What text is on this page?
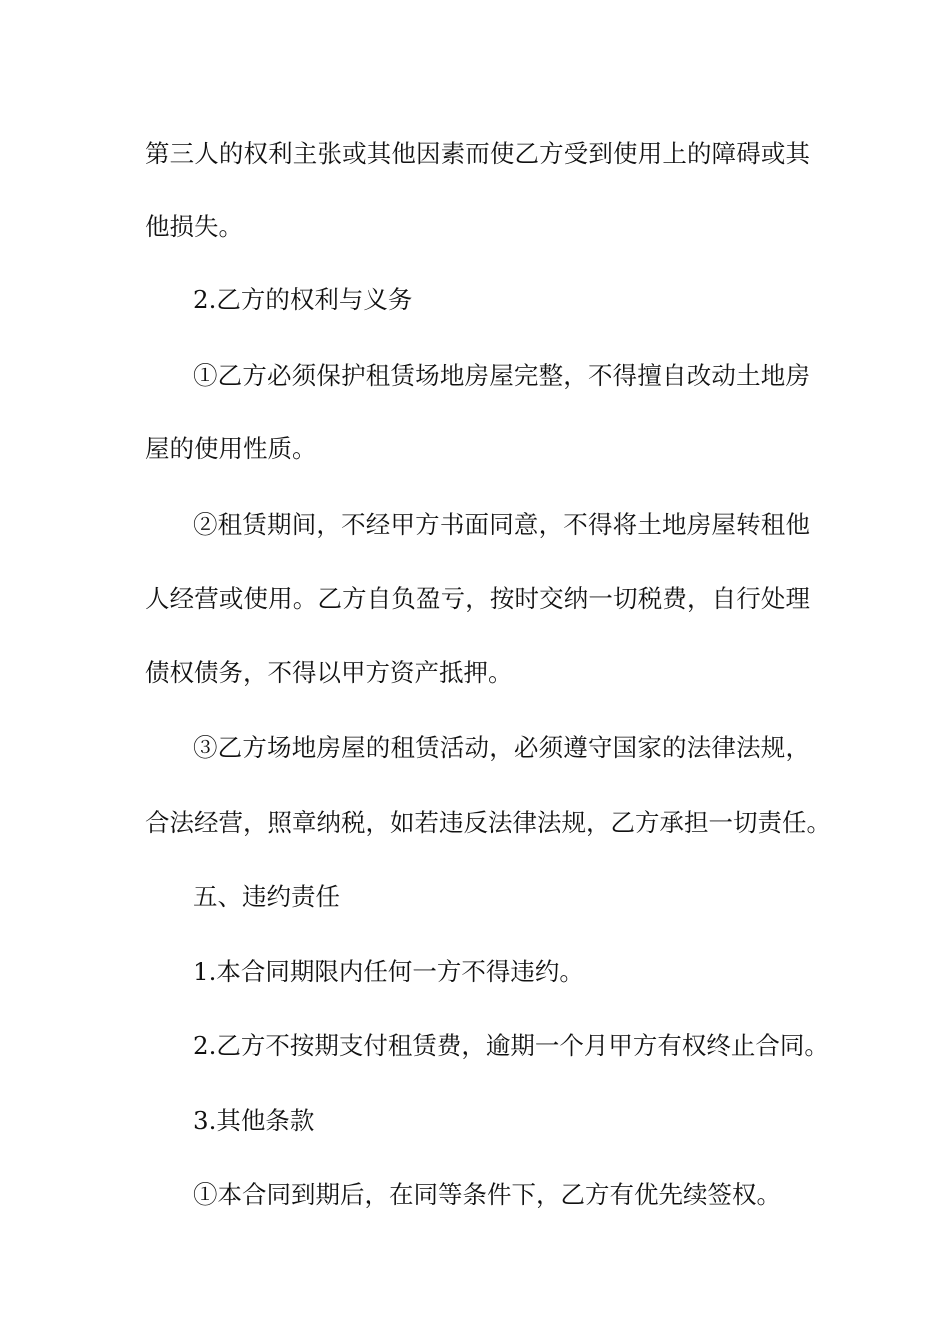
第三人的权利主张或其他因素而使乙方受到使用上的障碍或其
他损失。
2.乙方的权利与义务
①乙方必须保护租赁场地房屋完整，不得擅自改动土地房
屋的使用性质。
②租赁期间，不经甲方书面同意，不得将土地房屋转租他
人经营或使用。乙方自负盈亏，按时交纳一切税费，自行处理
债权债务，不得以甲方资产抵押。
③乙方场地房屋的租赁活动，必须遵守国家的法律法规，
合法经营，照章纳税，如若违反法律法规，乙方承担一切责任。
五、违约责任
1.本合同期限内任何一方不得违约。
2.乙方不按期支付租赁费，逾期一个月甲方有权终止合同。
3.其他条款
①本合同到期后，在同等条件下，乙方有优先续签权。
